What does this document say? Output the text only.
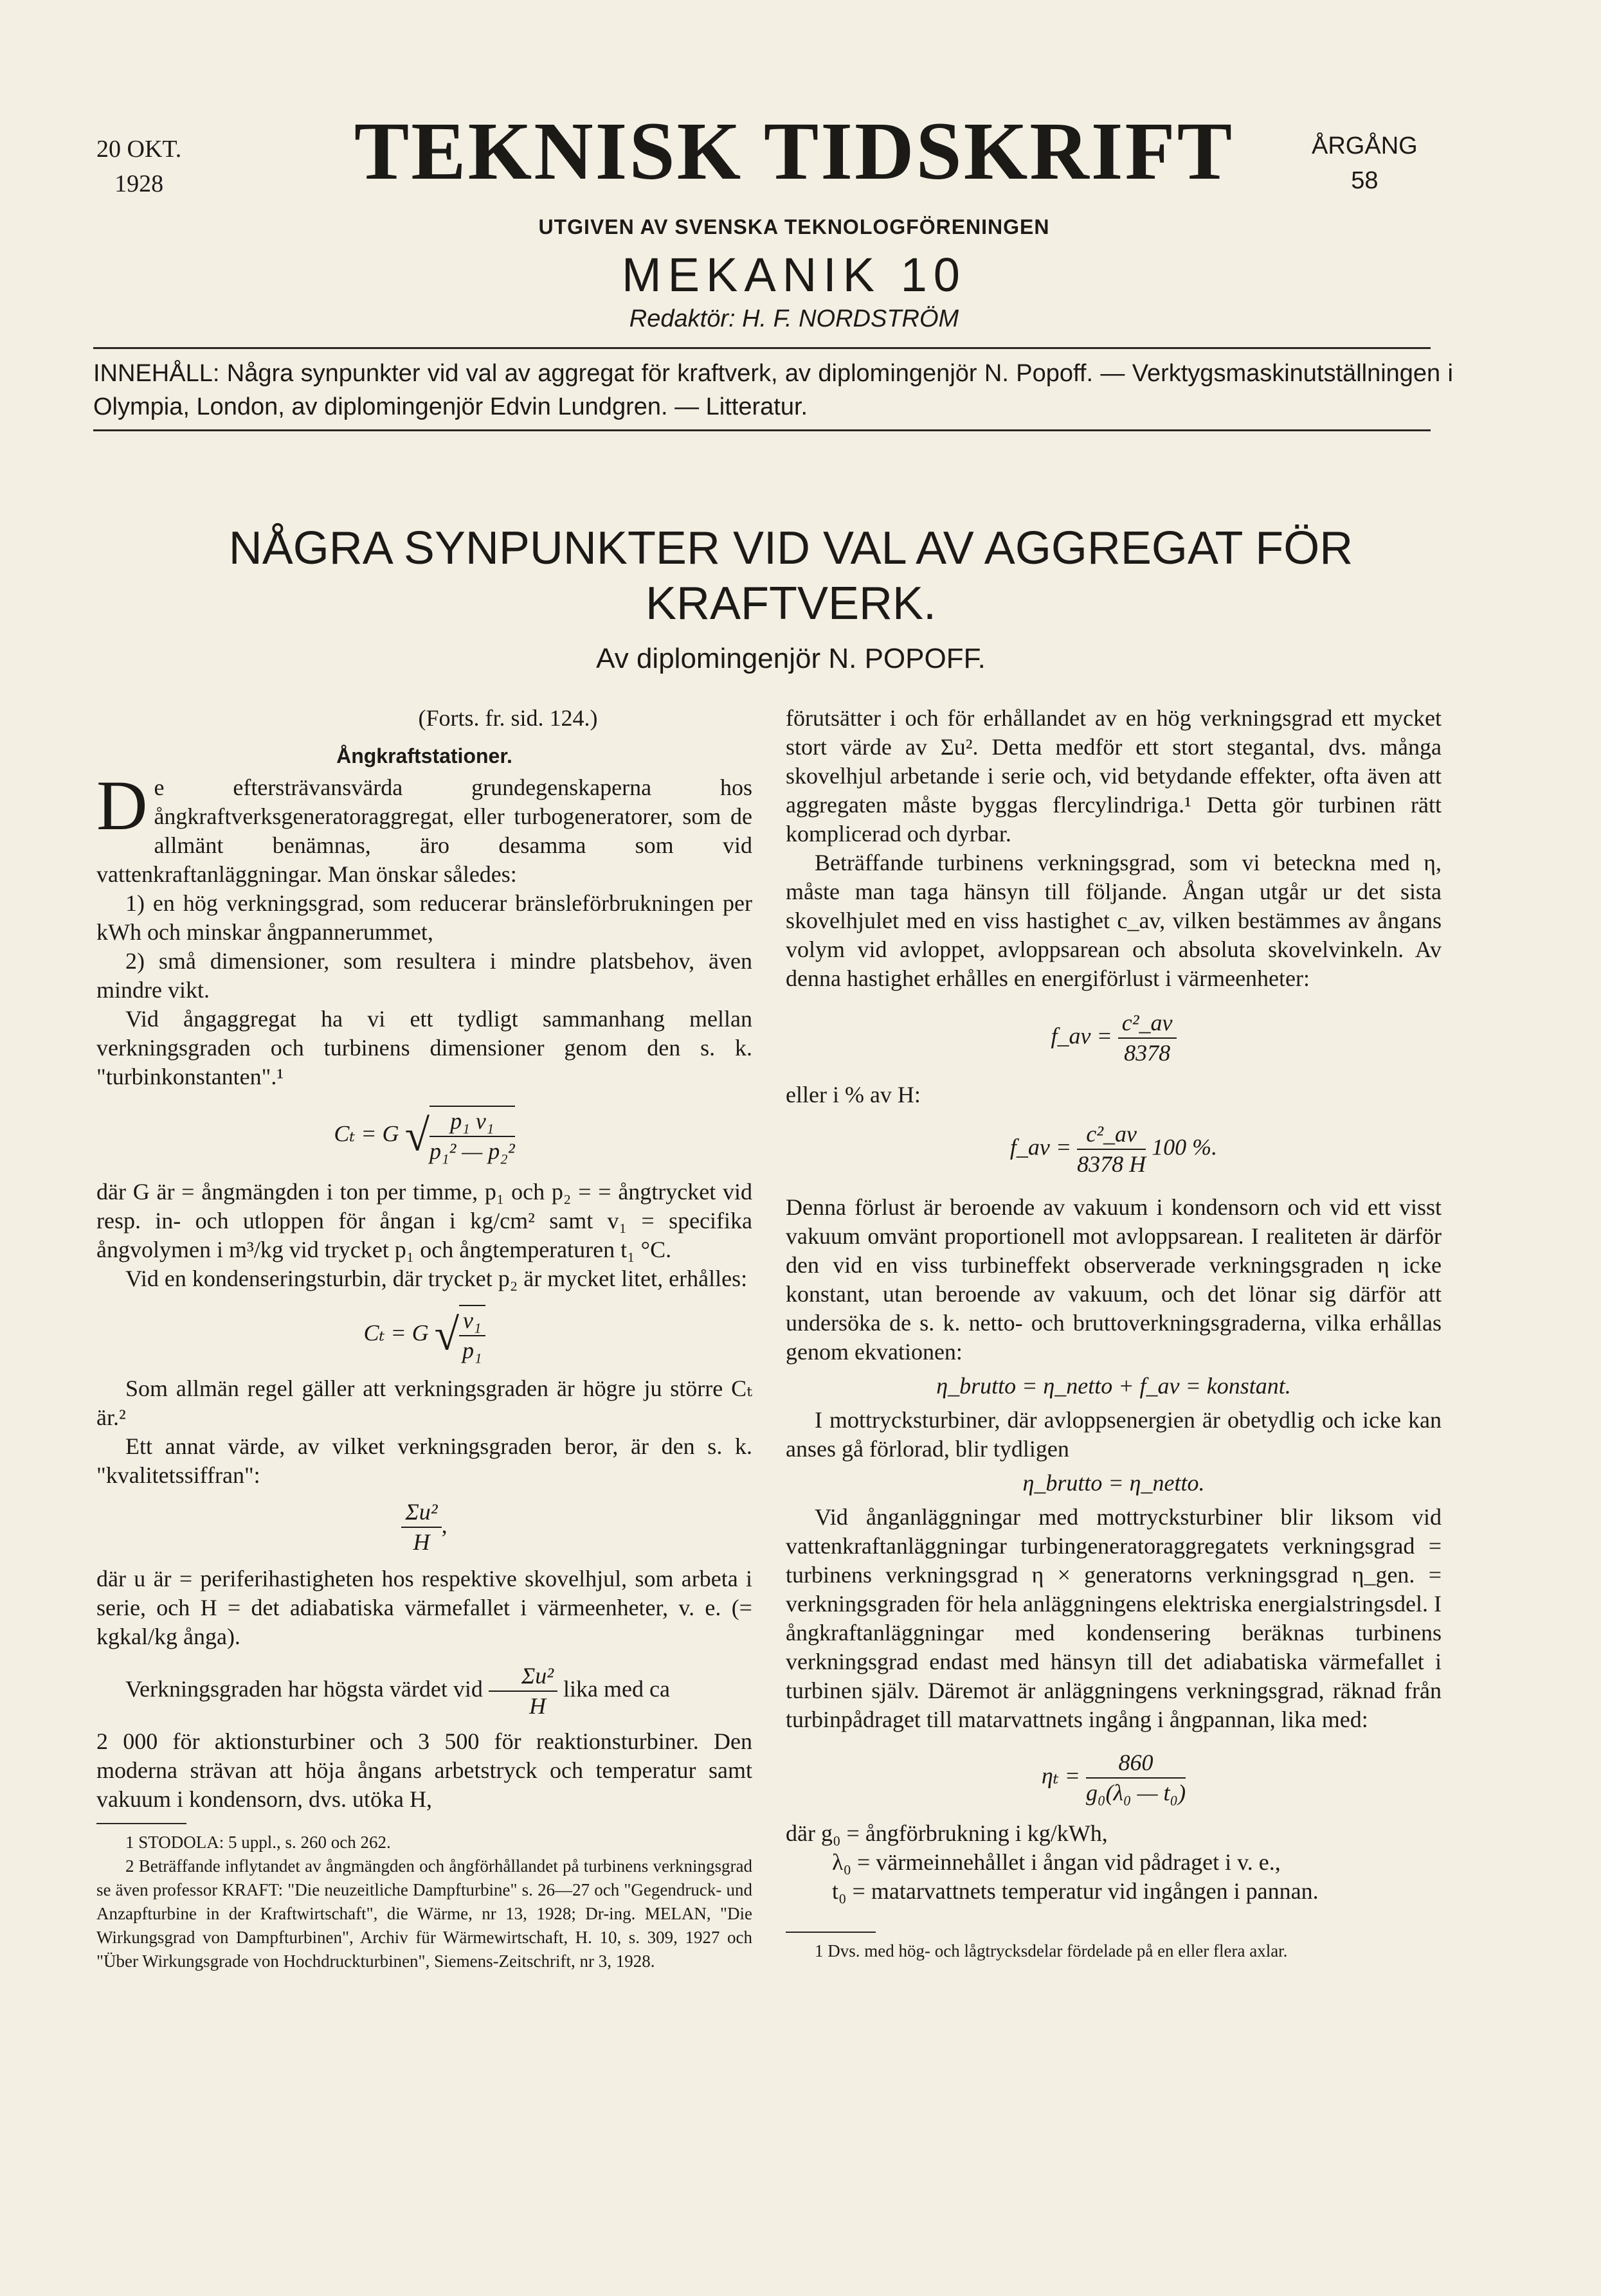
20 OKT.
1928	TEKNISK TIDSKRIFT	ÅRGÅNG
58
UTGIVEN AV SVENSKA TEKNOLOGFÖRENINGEN
MEKANIK 10
Redaktör: H. F. NORDSTRÖM
INNEHÅLL: Några synpunkter vid val av aggregat för kraftverk, av diplomingenjör N. Popoff. — Verktygsmaskinutställningen i Olympia, London, av diplomingenjör Edvin Lundgren. — Litteratur.
NÅGRA SYNPUNKTER VID VAL AV AGGREGAT FÖR KRAFTVERK.
Av diplomingenjör N. POPOFF.

(Forts. fr. sid. 124.)

Ångkraftstationer.

De eftersträvansvärda grundegenskaperna hos ångkraftverksgeneratoraggregat, eller turbogeneratorer, som de allmänt benämnas, äro desamma som vid vattenkraftanläggningar. Man önskar således:

1) en hög verkningsgrad, som reducerar bränsleförbrukningen per kWh och minskar ångpannerummet,

2) små dimensioner, som resultera i mindre platsbehov, även mindre vikt.

Vid ångaggregat ha vi ett tydligt sammanhang mellan verkningsgraden och turbinens dimensioner genom den s. k. "turbinkonstanten".¹

Cₜ = G √ $\frac{\text{p₁ v₁}}{\text{p₁² — p₂²}}$

där G är = ångmängden i ton per timme, p₁ och p₂ = = ångtrycket vid resp. in- och utloppen för ångan i kg/cm² samt v₁ = specifika ångvolymen i m³/kg vid trycket p₁ och ångtemperaturen t₁ °C.

Vid en kondenseringsturbin, där trycket p₂ är mycket litet, erhålles:

Cₜ = G √ $\frac{\text{v₁}}{\text{p₁}}$

Som allmän regel gäller att verkningsgraden är högre ju större Cₜ är.²

Ett annat värde, av vilket verkningsgraden beror, är den s. k. "kvalitetssiffran":

$\frac{\text{Σu²}}{H}$ ,

där u är = periferihastigheten hos respektive skovelhjul, som arbeta i serie, och H = det adiabatiska värmefallet i värmeenheter, v. e. (= kgkal/kg ånga).

Verkningsgraden har högsta värdet vid $\frac{\text{Σu²}}{H}$ lika med ca

2 000 för aktionsturbiner och 3 500 för reaktionsturbiner. Den moderna strävan att höja ångans arbetstryck och temperatur samt vakuum i kondensorn, dvs. utöka H,

1 STODOLA: 5 uppl., s. 260 och 262.

2 Beträffande inflytandet av ångmängden och ångförhållandet på turbinens verkningsgrad se även professor KRAFT: "Die neuzeitliche Dampfturbine" s. 26—27 och "Gegendruck- und Anzapfturbine in der Kraftwirtschaft", die Wärme, nr 13, 1928; Dr-ing. MELAN, "Die Wirkungsgrad von Dampfturbinen", Archiv für Wärmewirtschaft, H. 10, s. 309, 1927 och "Über Wirkungsgrade von Hochdruckturbinen", Siemens-Zeitschrift, nr 3, 1928.

förutsätter i och för erhållandet av en hög verkningsgrad ett mycket stort värde av Σu². Detta medför ett stort stegantal, dvs. många skovelhjul arbetande i serie och, vid betydande effekter, ofta även att aggregaten måste byggas flercylindriga.¹ Detta gör turbinen rätt komplicerad och dyrbar.

Beträffande turbinens verkningsgrad, som vi beteckna med η, måste man taga hänsyn till följande. Ångan utgår ur det sista skovelhjulet med en viss hastighet c_av, vilken bestämmes av ångans volym vid avloppet, avloppsarean och absoluta skovelvinkeln. Av denna hastighet erhålles en energiförlust i värmeenheter:

f_av = $\frac{\text{c²\_av}}{8378}$

eller i % av H:

f_av = $\frac{\text{c²\_av}}{8378 H} 100$ %.

Denna förlust är beroende av vakuum i kondensorn och vid ett visst vakuum omvänt proportionell mot avloppsarean. I realiteten är därför den vid en viss turbineffekt observerade verkningsgraden η icke konstant, utan beroende av vakuum, och det lönar sig därför att undersöka de s. k. netto- och bruttoverkningsgraderna, vilka erhållas genom ekvationen:

η_brutto = η_netto + f_av = konstant.

I mottrycksturbiner, där avloppsenergien är obetydlig och icke kan anses gå förlorad, blir tydligen

η_brutto = η_netto.

Vid ånganläggningar med mottrycksturbiner blir liksom vid vattenkraftanläggningar turbingeneratoraggregatets verkningsgrad = turbinens verkningsgrad η × generatorns verkningsgrad η_gen. = verkningsgraden för hela anläggningens elektriska energialstringsdel. I ångkraftanläggningar med kondensering beräknas turbinens verkningsgrad endast med hänsyn till det adiabatiska värmefallet i turbinen själv. Däremot är anläggningens verkningsgrad, räknad från turbinpådraget till matarvattnets ingång i ångpannan, lika med:

$\eta_t = \frac{860}{\text{g₀(λ₀ — t₀)}}$

där g₀ = ångförbrukning i kg/kWh,

λ₀ = värmeinnehållet i ångan vid pådraget i v. e.,

t₀ = matarvattnets temperatur vid ingången i pannan.

1 Dvs. med hög- och lågtrycksdelar fördelade på en eller flera axlar.
